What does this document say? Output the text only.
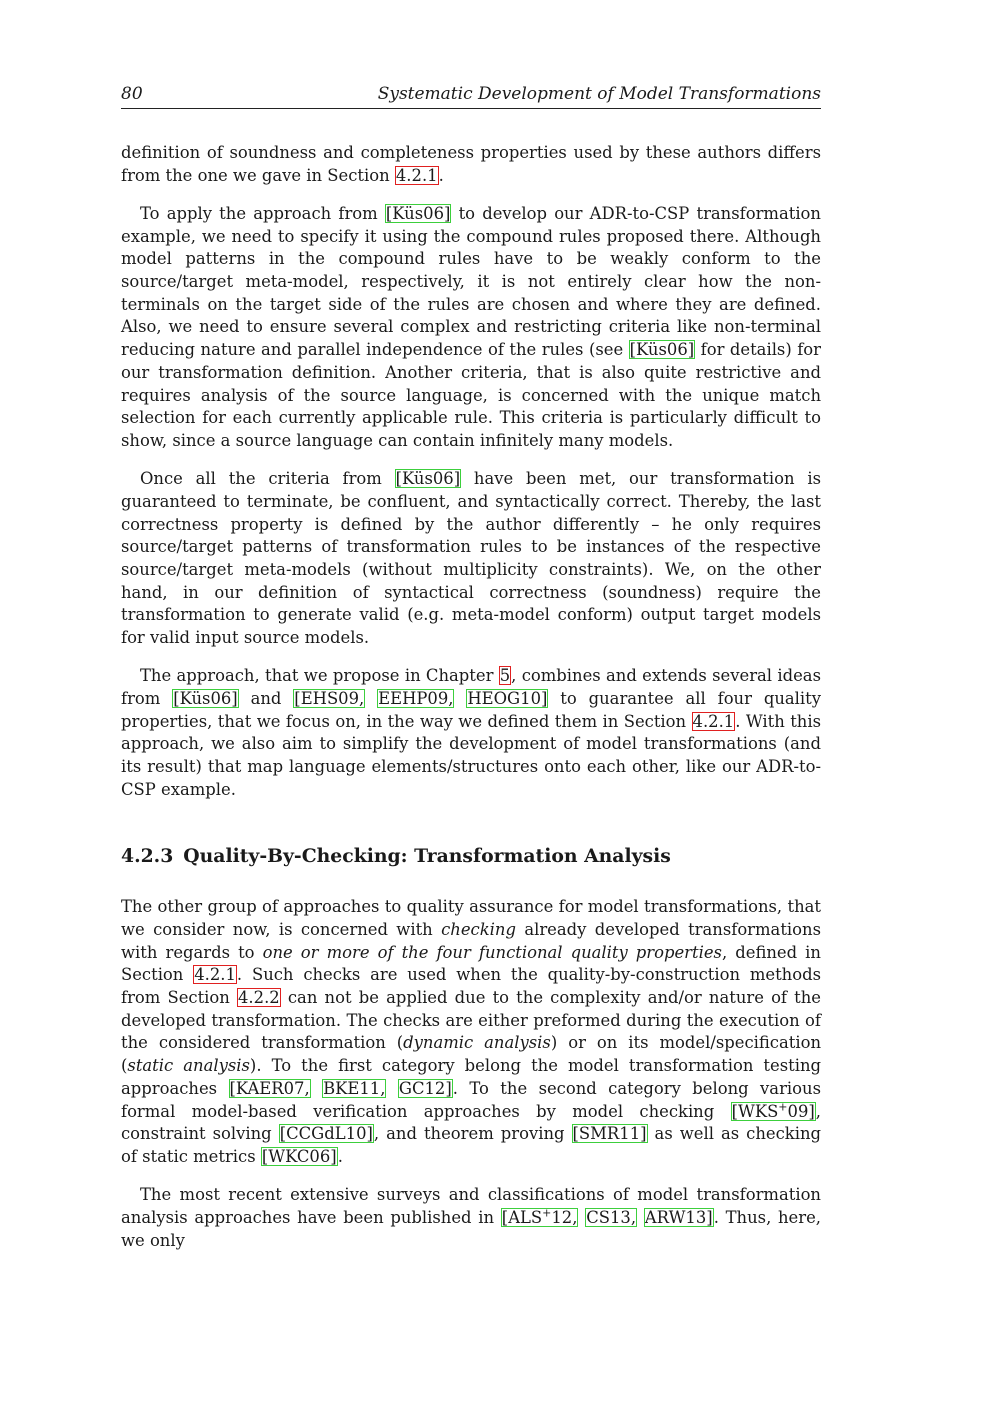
80	Systematic Development of Model Transformations

definition of soundness and completeness properties used by these authors differs from the one we gave in Section 4.2.1.

To apply the approach from [Küs06] to develop our ADR-to-CSP transformation example, we need to specify it using the compound rules proposed there. Although model patterns in the compound rules have to be weakly conform to the source/target meta-model, respectively, it is not entirely clear how the non-terminals on the target side of the rules are chosen and where they are defined. Also, we need to ensure several complex and restricting criteria like non-terminal reducing nature and parallel independence of the rules (see [Küs06] for details) for our transformation definition. Another criteria, that is also quite restrictive and requires analysis of the source language, is concerned with the unique match selection for each currently applicable rule. This criteria is particularly difficult to show, since a source language can contain infinitely many models.

Once all the criteria from [Küs06] have been met, our transformation is guaranteed to terminate, be confluent, and syntactically correct. Thereby, the last correctness property is defined by the author differently – he only requires source/target patterns of transformation rules to be instances of the respective source/target meta-models (without multiplicity constraints). We, on the other hand, in our definition of syntactical correctness (soundness) require the transformation to generate valid (e.g. meta-model conform) output target models for valid input source models.

The approach, that we propose in Chapter 5, combines and extends several ideas from [Küs06] and [EHS09, EEHP09, HEOG10] to guarantee all four quality properties, that we focus on, in the way we defined them in Section 4.2.1. With this approach, we also aim to simplify the development of model transformations (and its result) that map language elements/structures onto each other, like our ADR-to-CSP example.

4.2.3 Quality-By-Checking: Transformation Analysis

The other group of approaches to quality assurance for model transformations, that we consider now, is concerned with checking already developed transformations with regards to one or more of the four functional quality properties, defined in Section 4.2.1. Such checks are used when the quality-by-construction methods from Section 4.2.2 can not be applied due to the complexity and/or nature of the developed transformation. The checks are either preformed during the execution of the considered transformation (dynamic analysis) or on its model/specification (static analysis). To the first category belong the model transformation testing approaches [KAER07, BKE11, GC12]. To the second category belong various formal model-based verification approaches by model checking [WKS+09], constraint solving [CCGdL10], and theorem proving [SMR11] as well as checking of static metrics [WKC06].

The most recent extensive surveys and classifications of model transformation analysis approaches have been published in [ALS+12, CS13, ARW13]. Thus, here, we only
